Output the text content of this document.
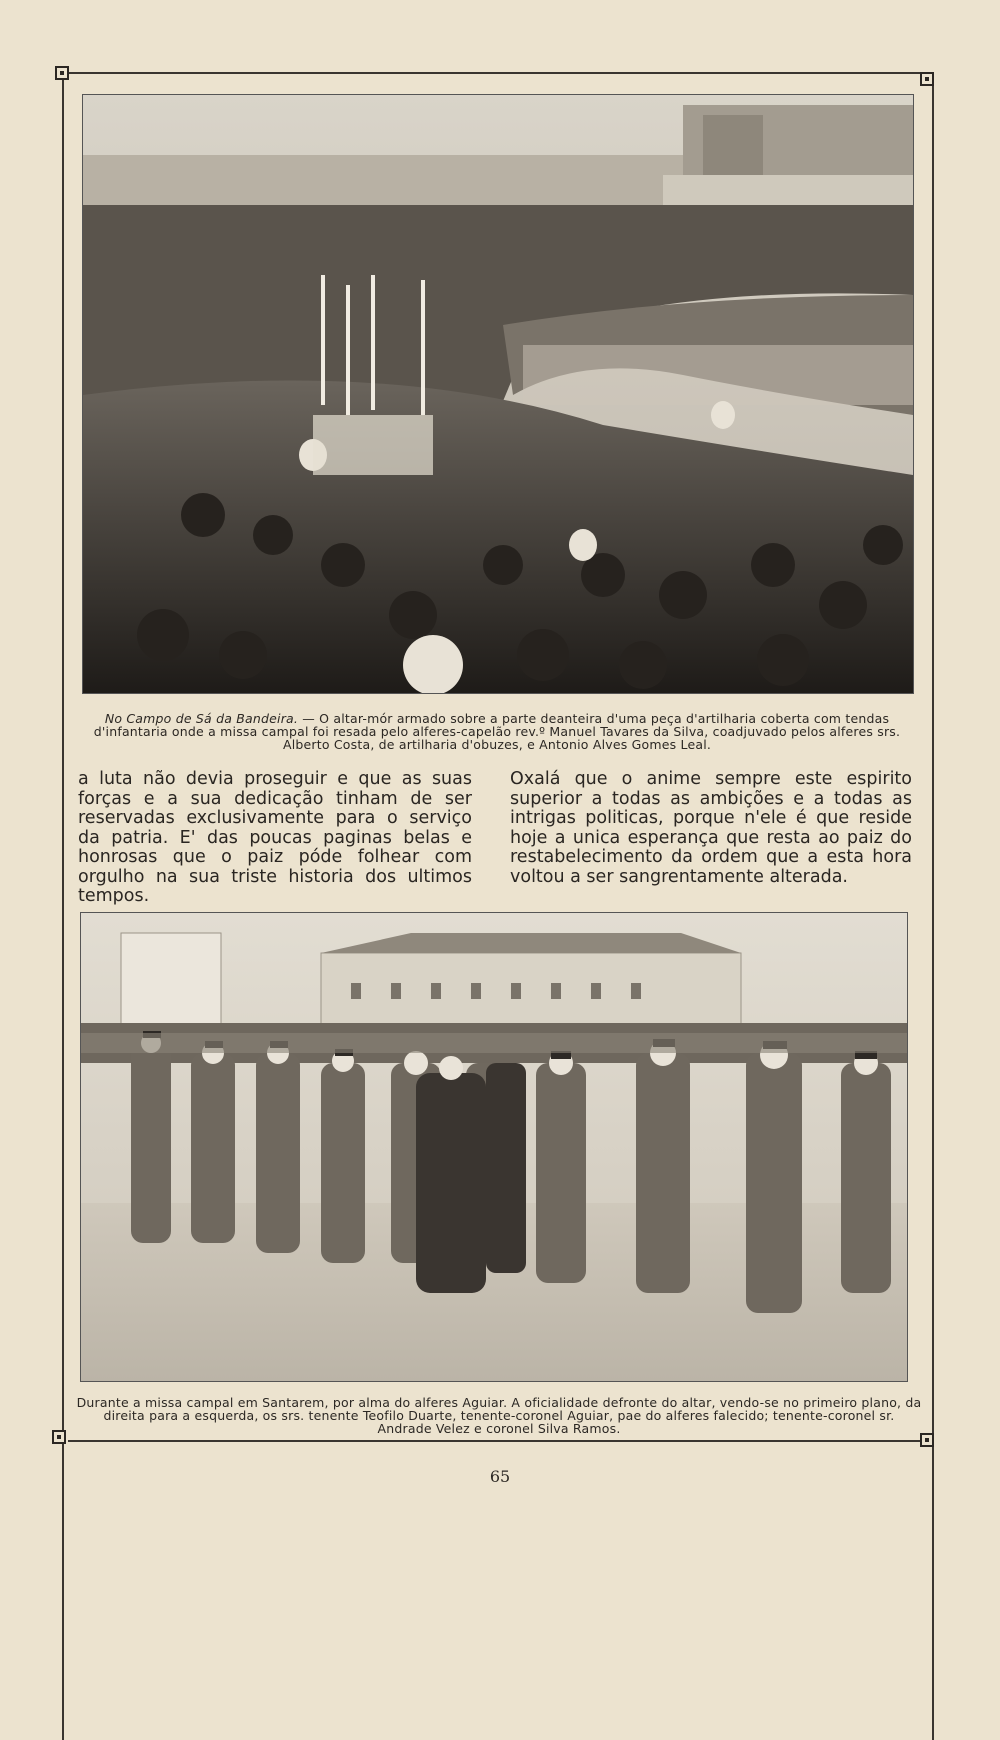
No Campo de Sá da Bandeira. — O altar-mór armado sobre a parte deanteira d'uma peça d'artilharia coberta com tendas d'infantaria onde a missa campal foi resada pelo alferes-capelão rev.º Manuel Tavares da Silva, coadjuvado pelos alferes srs. Alberto Costa, de artilharia d'obuzes, e Antonio Alves Gomes Leal.
a luta não devia proseguir e que as suas forças e a sua dedicação tinham de ser reservadas exclusivamente para o serviço da patria. E' das poucas paginas belas e honrosas que o paiz póde folhear com orgulho na sua triste historia dos ultimos tempos.
Oxalá que o anime sempre este espirito superior a todas as ambições e a todas as intrigas politicas, porque n'ele é que reside hoje a unica esperança que resta ao paiz do restabelecimento da ordem que a esta hora voltou a ser sangrentamente alterada.
Durante a missa campal em Santarem, por alma do alferes Aguiar. A oficialidade defronte do altar, vendo-se no primeiro plano, da direita para a esquerda, os srs. tenente Teofilo Duarte, tenente-coronel Aguiar, pae do alferes falecido; tenente-coronel sr. Andrade Velez e coronel Silva Ramos.
65
